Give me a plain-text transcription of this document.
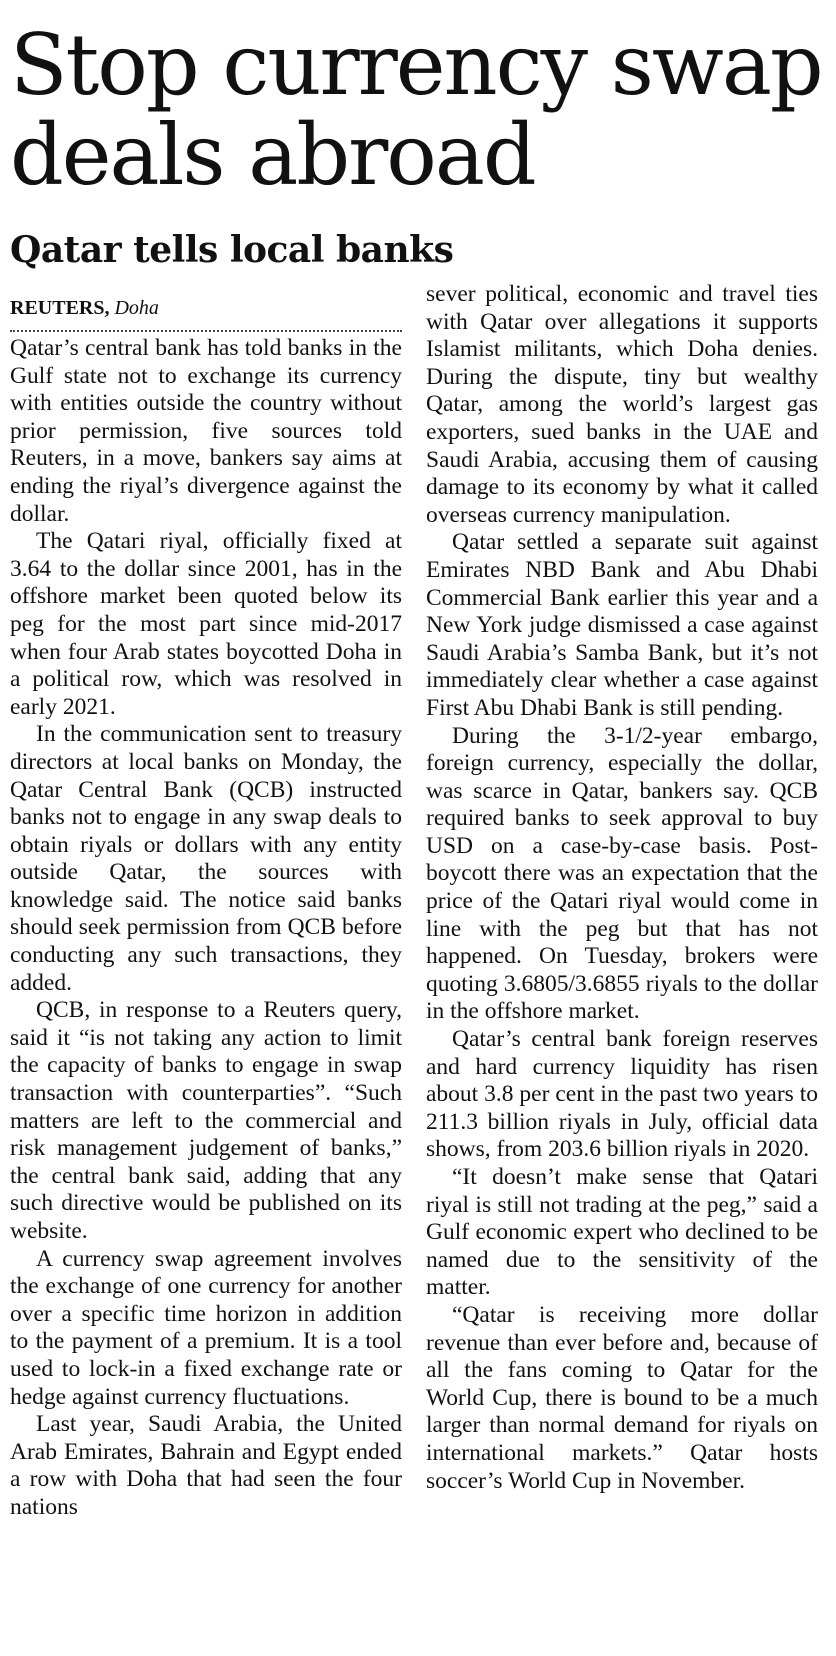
Stop currency swap deals abroad
Qatar tells local banks
REUTERS, Doha

Qatar’s central bank has told banks in the Gulf state not to exchange its currency with entities outside the country without prior permission, five sources told Reuters, in a move, bankers say aims at ending the riyal’s divergence against the dollar.

The Qatari riyal, officially fixed at 3.64 to the dollar since 2001, has in the offshore market been quoted below its peg for the most part since mid-2017 when four Arab states boycotted Doha in a political row, which was resolved in early 2021.

In the communication sent to treasury directors at local banks on Monday, the Qatar Central Bank (QCB) instructed banks not to engage in any swap deals to obtain riyals or dollars with any entity outside Qatar, the sources with knowledge said. The notice said banks should seek permission from QCB before conducting any such transactions, they added.

QCB, in response to a Reuters query, said it “is not taking any action to limit the capacity of banks to engage in swap transaction with counterparties”. “Such matters are left to the commercial and risk management judgement of banks,” the central bank said, adding that any such directive would be published on its website.

A currency swap agreement involves the exchange of one currency for another over a specific time horizon in addition to the payment of a premium. It is a tool used to lock-in a fixed exchange rate or hedge against currency fluctuations.

Last year, Saudi Arabia, the United Arab Emirates, Bahrain and Egypt ended a row with Doha that had seen the four nations

sever political, economic and travel ties with Qatar over allegations it supports Islamist militants, which Doha denies. During the dispute, tiny but wealthy Qatar, among the world’s largest gas exporters, sued banks in the UAE and Saudi Arabia, accusing them of causing damage to its economy by what it called overseas currency manipulation.

Qatar settled a separate suit against Emirates NBD Bank and Abu Dhabi Commercial Bank earlier this year and a New York judge dismissed a case against Saudi Arabia’s Samba Bank, but it’s not immediately clear whether a case against First Abu Dhabi Bank is still pending.

During the 3-1/2-year embargo, foreign currency, especially the dollar, was scarce in Qatar, bankers say. QCB required banks to seek approval to buy USD on a case-by-case basis. Post-boycott there was an expectation that the price of the Qatari riyal would come in line with the peg but that has not happened. On Tuesday, brokers were quoting 3.6805/3.6855 riyals to the dollar in the offshore market.

Qatar’s central bank foreign reserves and hard currency liquidity has risen about 3.8 per cent in the past two years to 211.3 billion riyals in July, official data shows, from 203.6 billion riyals in 2020.

“It doesn’t make sense that Qatari riyal is still not trading at the peg,” said a Gulf economic expert who declined to be named due to the sensitivity of the matter.

“Qatar is receiving more dollar revenue than ever before and, because of all the fans coming to Qatar for the World Cup, there is bound to be a much larger than normal demand for riyals on international markets.” Qatar hosts soccer’s World Cup in November.
